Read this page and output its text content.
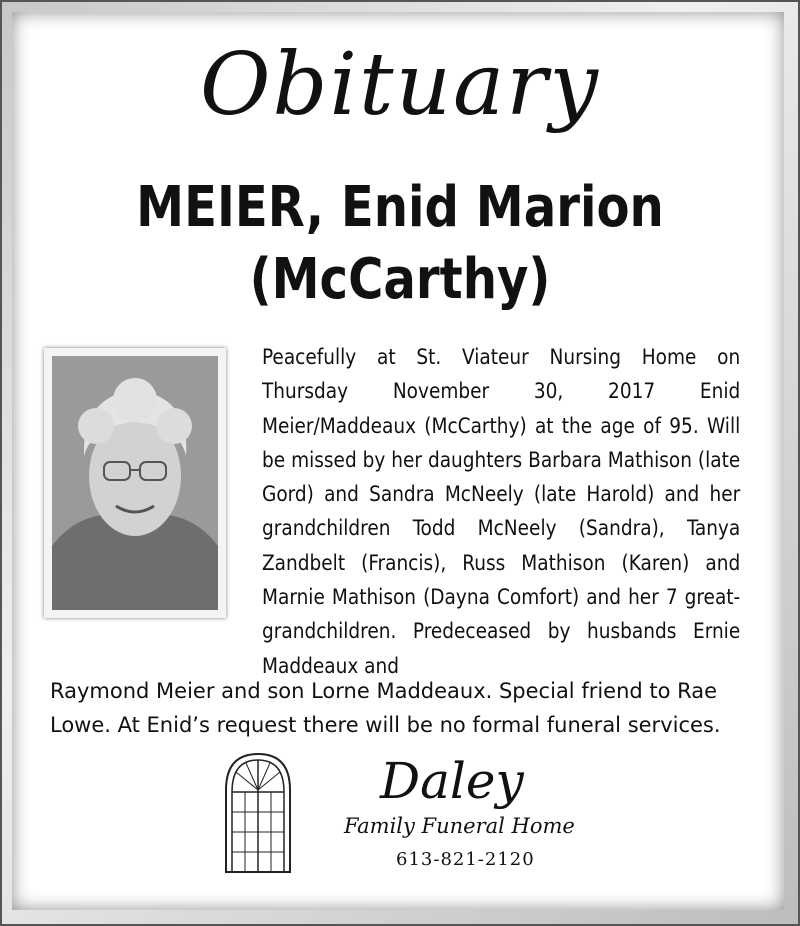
Obituary
MEIER, Enid Marion
(McCarthy)

Peacefully at St. Viateur Nursing Home on Thursday November 30, 2017 Enid Meier/Maddeaux (McCarthy) at the age of 95. Will be missed by her daughters Barbara Mathison (late Gord) and Sandra McNeely (late Harold) and her grandchildren Todd McNeely (Sandra), Tanya Zandbelt (Francis), Russ Mathison (Karen) and Marnie Mathison (Dayna Comfort) and her 7 great-grandchildren. Predeceased by husbands Ernie Maddeaux and

Raymond Meier and son Lorne Maddeaux. Special friend to Rae Lowe. At Enid’s request there will be no formal funeral services.

Daley
Family Funeral Home
613-821-2120
